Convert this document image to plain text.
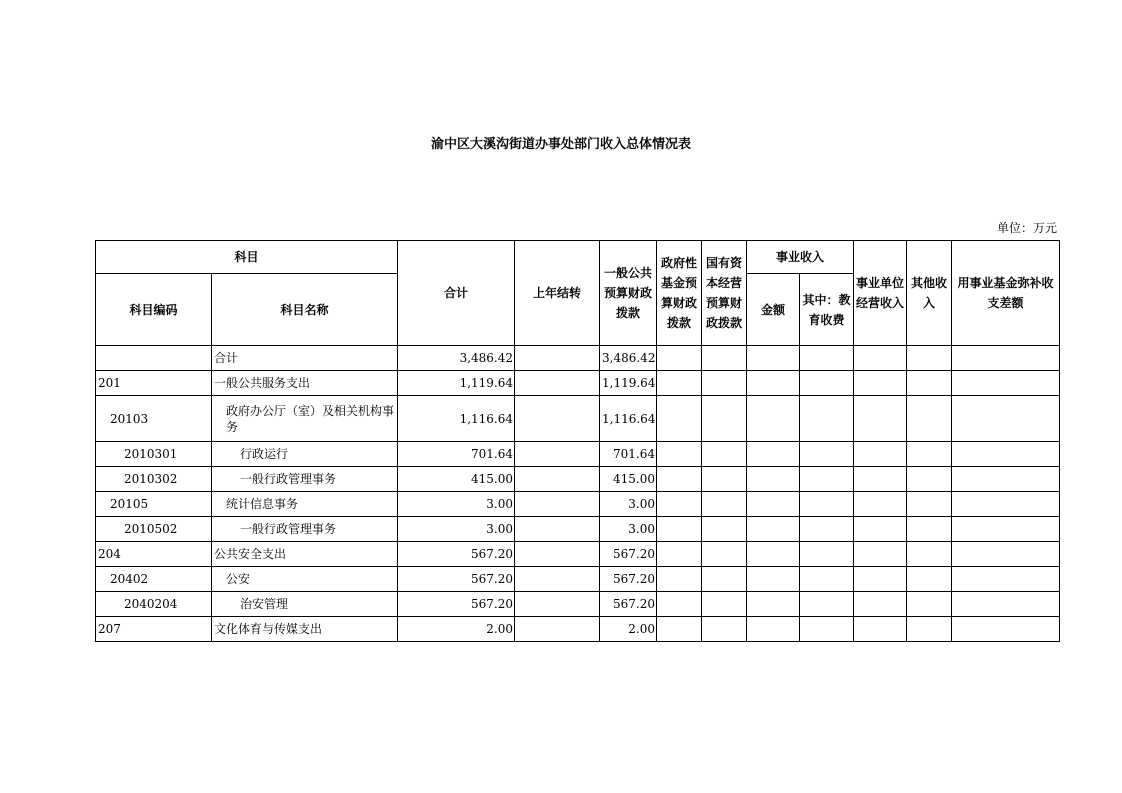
渝中区大溪沟街道办事处部门收入总体情况表
单位：万元
科目		合计	上年结转	一般公共预算财政拨款	政府性基金预算财政拨款	国有资本经营预算财政拨款	事业收入		事业单位经营收入	其他收入	用事业基金弥补收支差额
科目编码	科目名称						金额	其中：教育收费			
	合计	3,486.42		3,486.42							
201	一般公共服务支出	1,119.64		1,119.64							
20103	政府办公厅（室）及相关机构事务	1,116.64		1,116.64							
2010301	行政运行	701.64		701.64							
2010302	一般行政管理事务	415.00		415.00							
20105	统计信息事务	3.00		3.00							
2010502	一般行政管理事务	3.00		3.00							
204	公共安全支出	567.20		567.20							
20402	公安	567.20		567.20							
2040204	治安管理	567.20		567.20							
207	文化体育与传媒支出	2.00		2.00							
